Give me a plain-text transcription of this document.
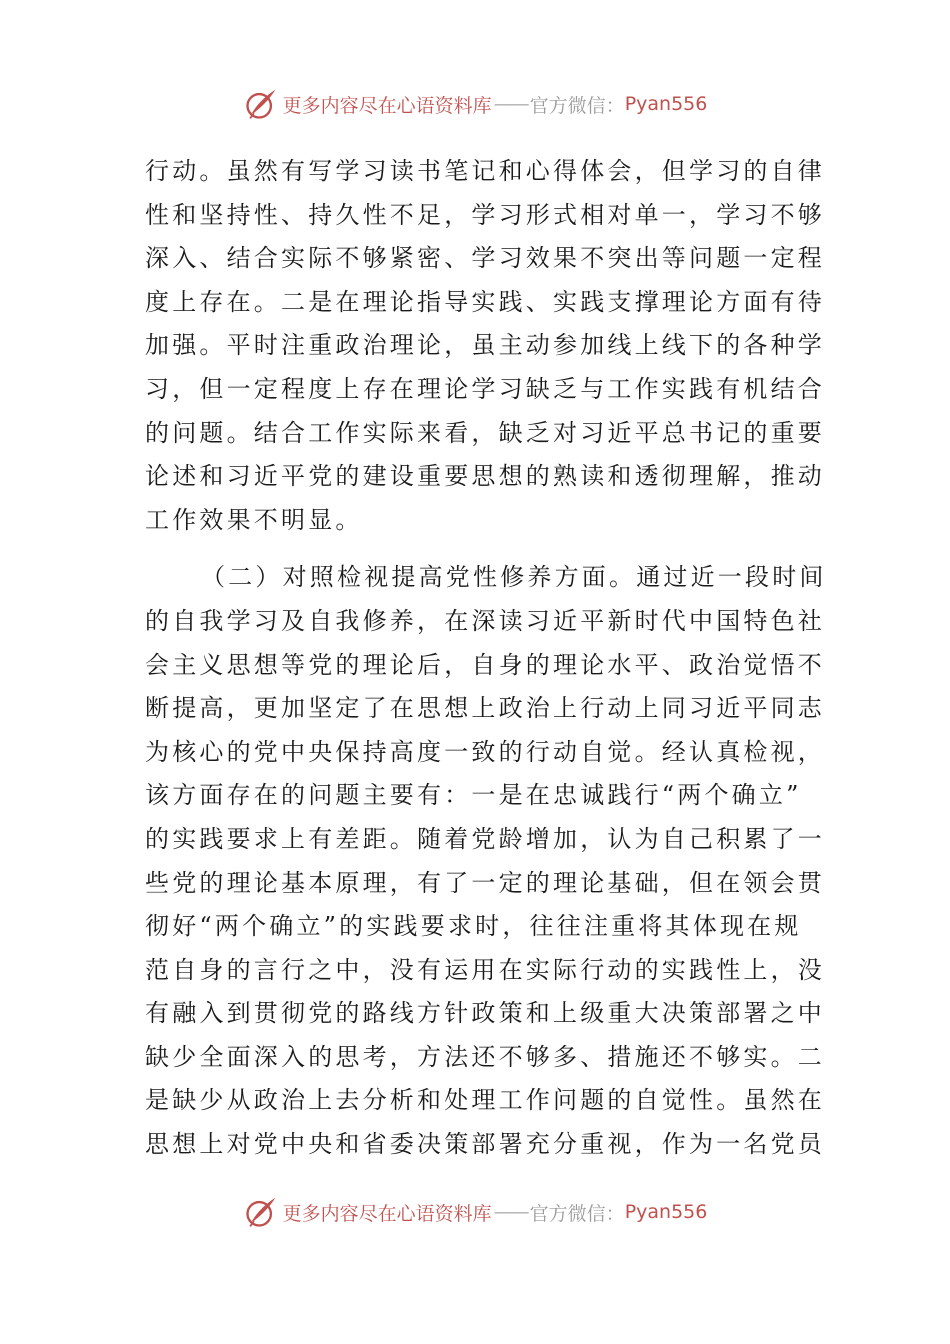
更多内容尽在心语资料库 —— 官方微信： Pyan556
行动。虽然有写学习读书笔记和心得体会，但学习的自律
性和坚持性、持久性不足，学习形式相对单一，学习不够
深入、结合实际不够紧密、学习效果不突出等问题一定程
度上存在。二是在理论指导实践、实践支撑理论方面有待
加强。平时注重政治理论，虽主动参加线上线下的各种学
习，但一定程度上存在理论学习缺乏与工作实践有机结合
的问题。结合工作实际来看，缺乏对习近平总书记的重要
论述和习近平党的建设重要思想的熟读和透彻理解，推动
工作效果不明显。
（二）对照检视提高党性修养方面。通过近一段时间
的自我学习及自我修养，在深读习近平新时代中国特色社
会主义思想等党的理论后，自身的理论水平、政治觉悟不
断提高，更加坚定了在思想上政治上行动上同习近平同志
为核心的党中央保持高度一致的行动自觉。经认真检视，
该方面存在的问题主要有：一是在忠诚践行“两个确立”
的实践要求上有差距。随着党龄增加，认为自己积累了一
些党的理论基本原理，有了一定的理论基础，但在领会贯
彻好“两个确立”的实践要求时，往往注重将其体现在规
范自身的言行之中，没有运用在实际行动的实践性上，没
有融入到贯彻党的路线方针政策和上级重大决策部署之中
缺少全面深入的思考，方法还不够多、措施还不够实。二
是缺少从政治上去分析和处理工作问题的自觉性。虽然在
思想上对党中央和省委决策部署充分重视，作为一名党员
更多内容尽在心语资料库 —— 官方微信： Pyan556
